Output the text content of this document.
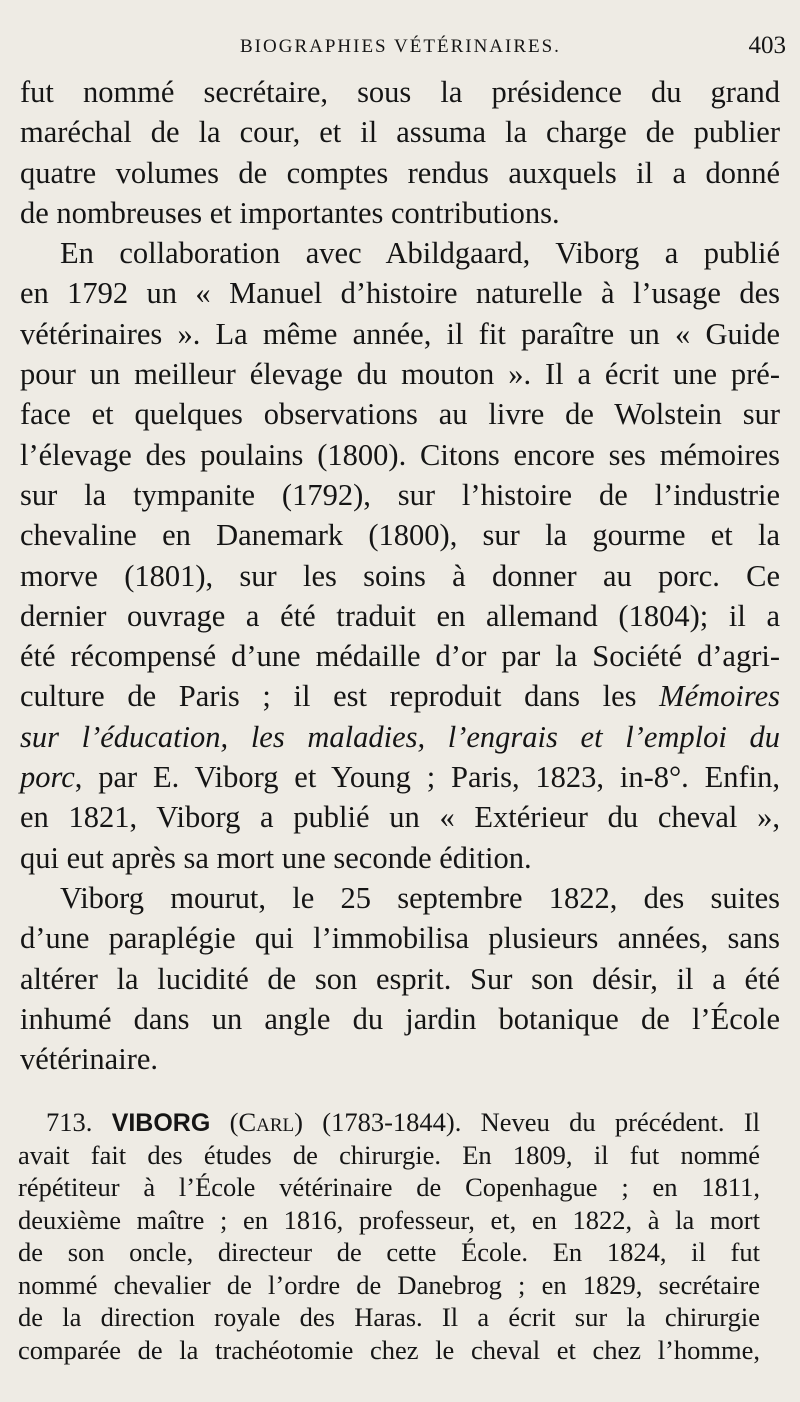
BIOGRAPHIES VÉTÉRINAIRES.	403
fut nommé secrétaire, sous la présidence du grand
maréchal de la cour, et il assuma la charge de publier
quatre volumes de comptes rendus auxquels il a donné
de nombreuses et importantes contributions.
En collaboration avec Abildgaard, Viborg a publié
en 1792 un « Manuel d’histoire naturelle à l’usage des
vétérinaires ». La même année, il fit paraître un « Guide
pour un meilleur élevage du mouton ». Il a écrit une pré-
face et quelques observations au livre de Wolstein sur
l’élevage des poulains (1800). Citons encore ses mémoires
sur la tympanite (1792), sur l’histoire de l’industrie
chevaline en Danemark (1800), sur la gourme et la
morve (1801), sur les soins à donner au porc. Ce
dernier ouvrage a été traduit en allemand (1804); il a
été récompensé d’une médaille d’or par la Société d’agri-
culture de Paris ; il est reproduit dans les Mémoires
sur l’éducation, les maladies, l’engrais et l’emploi du
porc, par E. Viborg et Young ; Paris, 1823, in-8°. Enfin,
en 1821, Viborg a publié un « Extérieur du cheval »,
qui eut après sa mort une seconde édition.
Viborg mourut, le 25 septembre 1822, des suites
d’une paraplégie qui l’immobilisa plusieurs années, sans
altérer la lucidité de son esprit. Sur son désir, il a été
inhumé dans un angle du jardin botanique de l’École
vétérinaire.
713. VIBORG (Carl) (1783-1844). Neveu du précédent. Il
avait fait des études de chirurgie. En 1809, il fut nommé
répétiteur à l’École vétérinaire de Copenhague ; en 1811,
deuxième maître ; en 1816, professeur, et, en 1822, à la mort
de son oncle, directeur de cette École. En 1824, il fut
nommé chevalier de l’ordre de Danebrog ; en 1829, secrétaire
de la direction royale des Haras. Il a écrit sur la chirurgie
comparée de la trachéotomie chez le cheval et chez l’homme,
